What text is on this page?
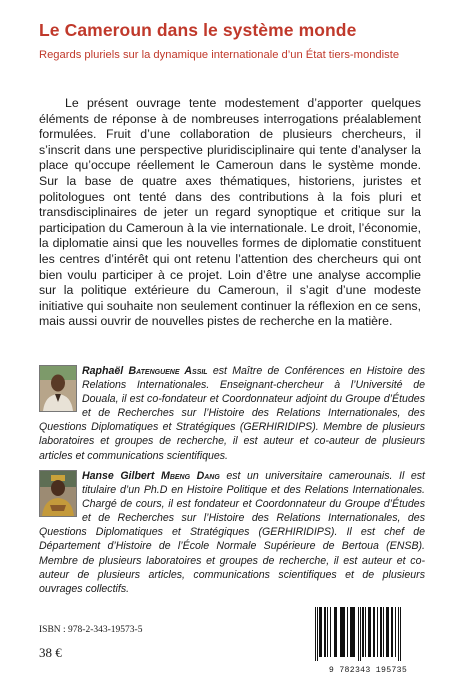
Le Cameroun dans le système monde
Regards pluriels sur la dynamique internationale d’un État tiers-mondiste

Le présent ouvrage tente modestement d’apporter quelques éléments de réponse à de nombreuses interrogations préalablement formulées. Fruit d’une collaboration de plusieurs chercheurs, il s’inscrit dans une perspective pluridisciplinaire qui tente d’analyser la place qu’occupe réellement le Cameroun dans le système monde. Sur la base de quatre axes thématiques, historiens, juristes et politologues ont tenté dans des contributions à la fois pluri et transdisciplinaires de jeter un regard synoptique et critique sur la participation du Cameroun à la vie internationale. Le droit, l’économie, la diplomatie ainsi que les nouvelles formes de diplomatie constituent les centres d’intérêt qui ont retenu l’attention des chercheurs qui ont bien voulu participer à ce projet. Loin d’être une analyse accomplie sur la politique extérieure du Cameroun, il s’agit d’une modeste initiative qui souhaite non seulement continuer la réflexion en ce sens, mais aussi ouvrir de nouvelles pistes de recherche en la matière.

Raphaël Batenguene Assil est Maître de Conférences en Histoire des Relations Internationales. Enseignant-chercheur à l’Université de Douala, il est co-fondateur et Coordonnateur adjoint du Groupe d’Études et de Recherches sur l’Histoire des Relations Internationales, des Questions Diplomatiques et Stratégiques (GERHIRIDIPS). Membre de plusieurs laboratoires et groupes de recherche, il est auteur et co-auteur de plusieurs articles et communications scientifiques.

Hanse Gilbert Mbeng Dang est un universitaire camerounais. Il est titulaire d’un Ph.D en Histoire Politique et des Relations Internationales. Chargé de cours, il est fondateur et Coordonnateur du Groupe d’Études et de Recherches sur l’Histoire des Relations Internationales, des Questions Diplomatiques et Stratégiques (GERHIRIDIPS). Il est chef de Département d’Histoire de l’École Normale Supérieure de Bertoua (ENSB). Membre de plusieurs laboratoires et groupes de recherche, il est auteur et co-auteur de plusieurs articles, communications scientifiques et de plusieurs ouvrages collectifs.

ISBN : 978-2-343-19573-5
38 €
9 782343 195735
